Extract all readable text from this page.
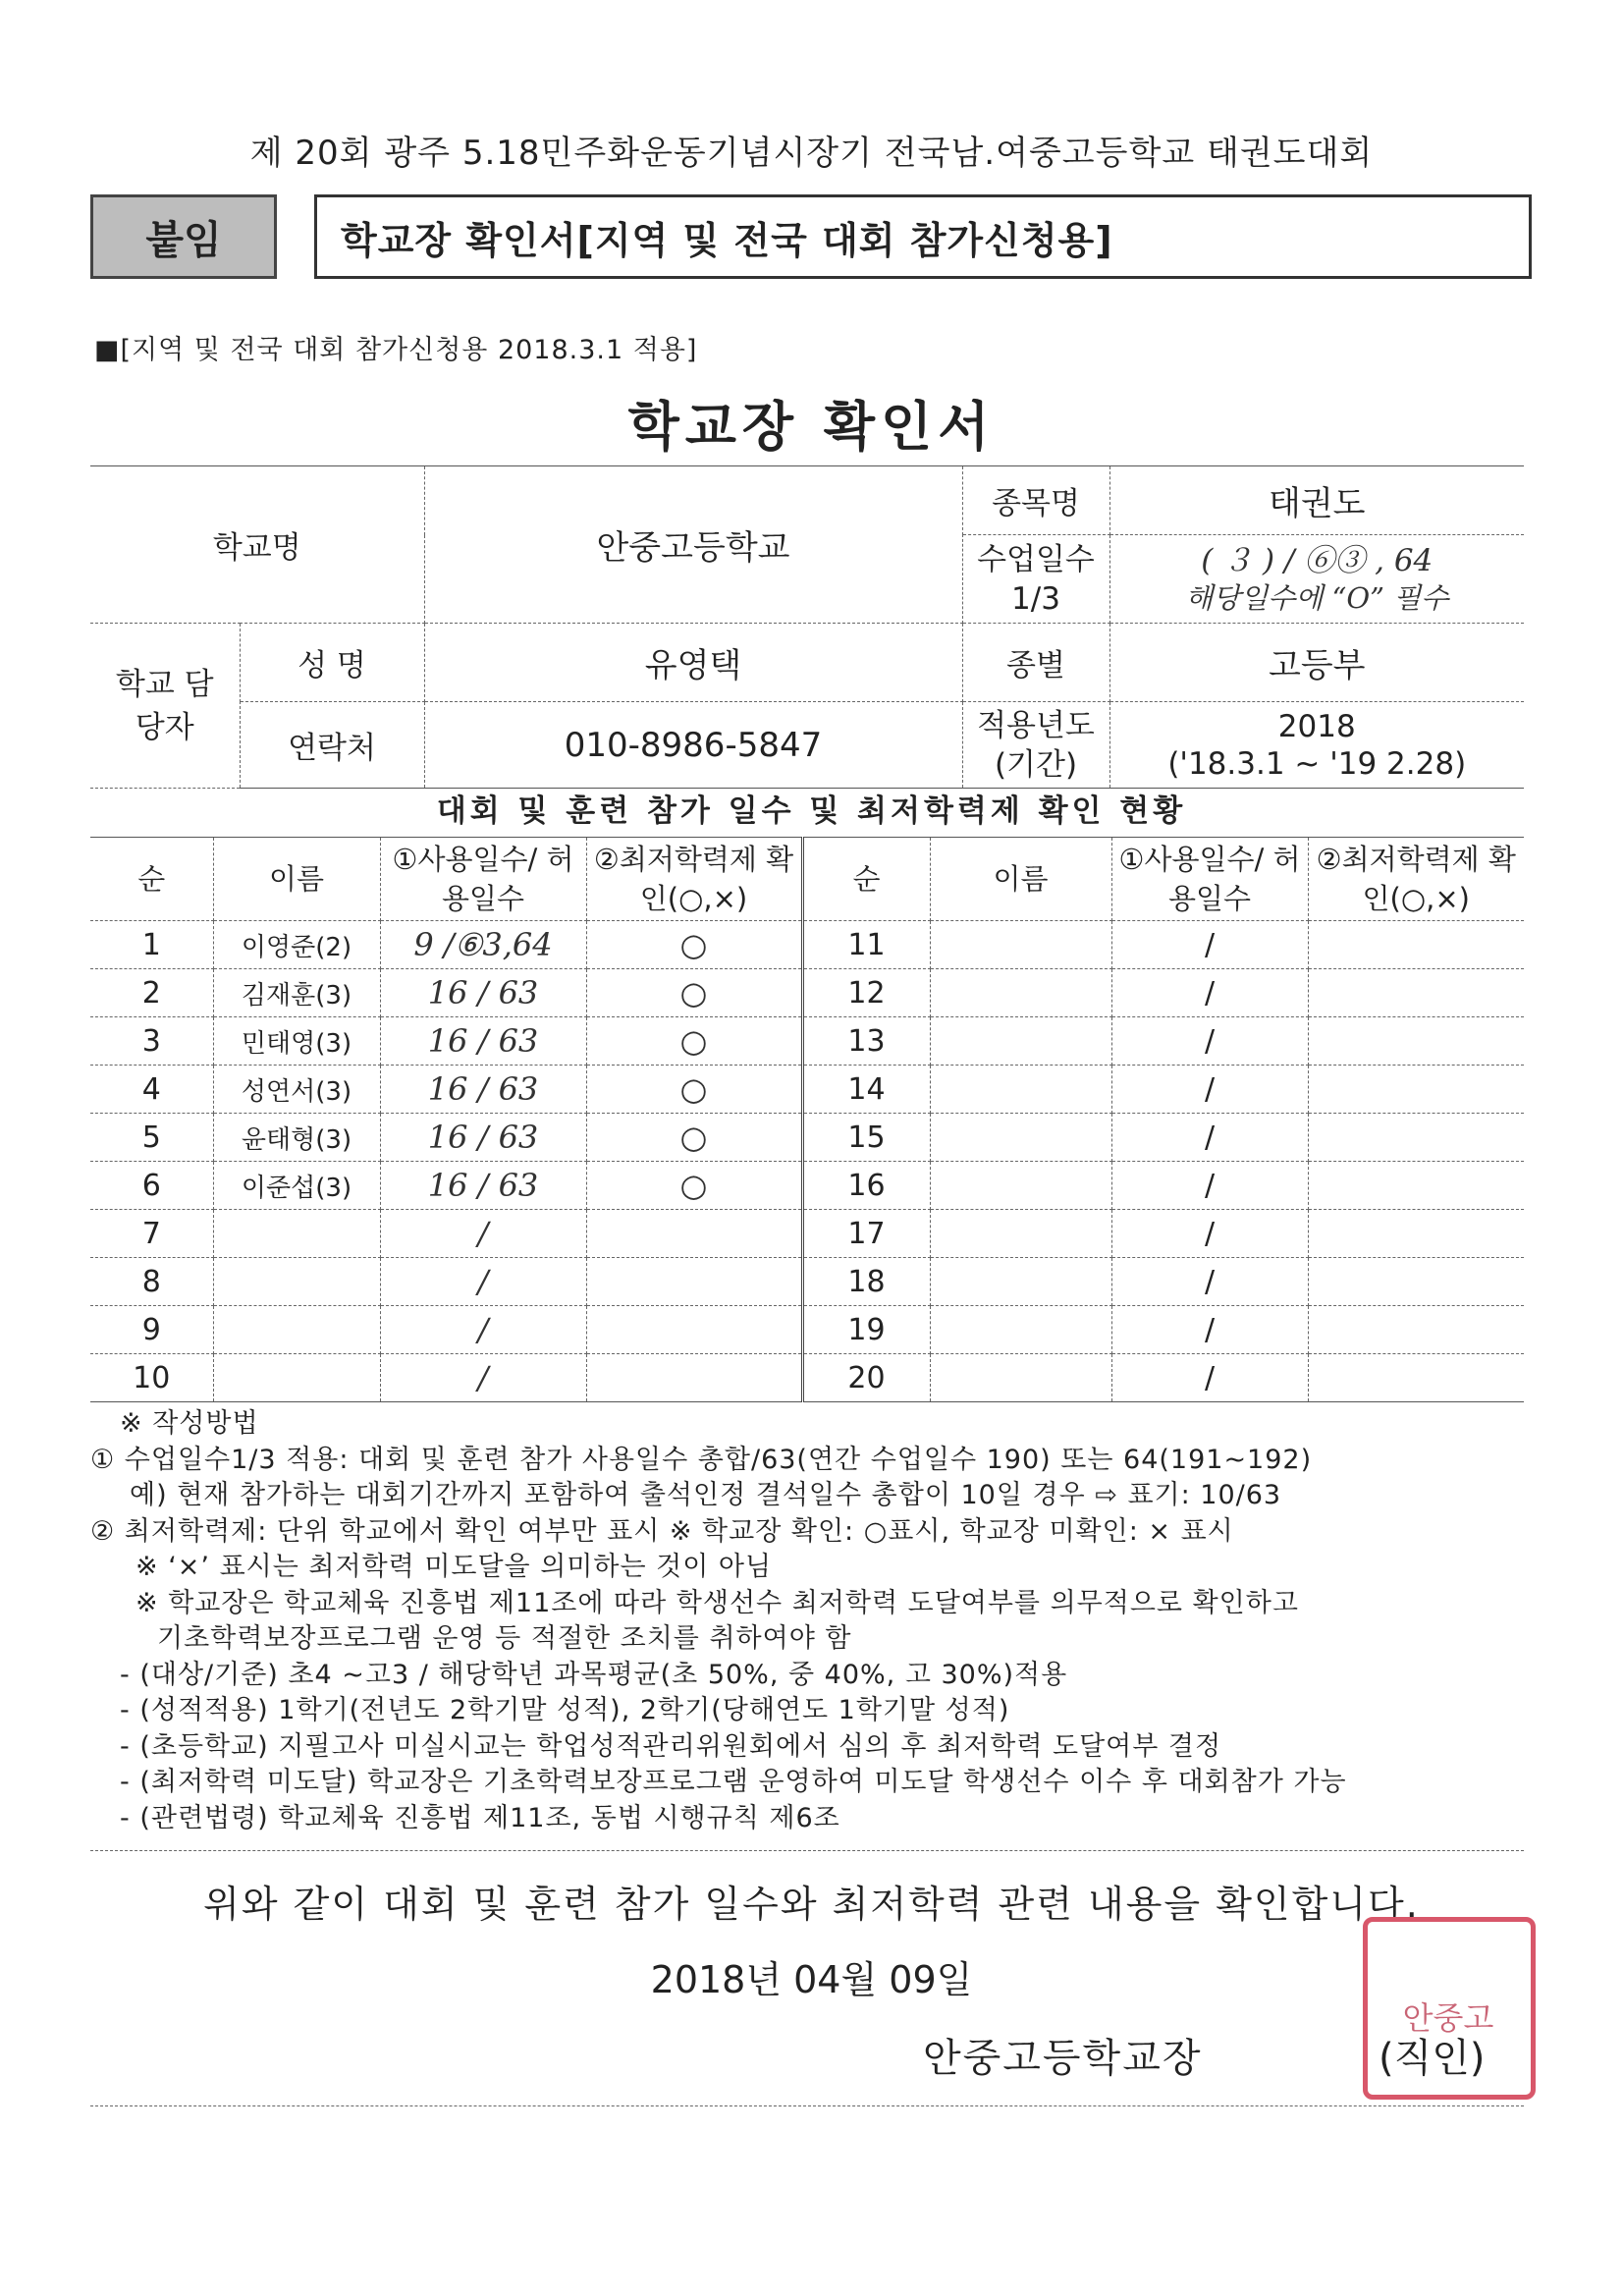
제 20회 광주 5.18민주화운동기념시장기 전국남.여중고등학교 태권도대회
붙임	학교장 확인서[지역 및 전국 대회 참가신청용]
■[지역 및 전국 대회 참가신청용 2018.3.1 적용]
학교장 확인서
학교명		안중고등학교	종목명	태권도
			수업일수 1/3	( ３ ) / ⑥③ , 64
해당일수에 “O” 필수

학교 담당자	성 명	유영택	종별	고등부
	연락처	010-8986-5847	적용년도 (기간)	2018
('18.3.1 ~ '19 2.28)
대회 및 훈련 참가 일수 및 최저학력제 확인 현황
순	이름	①사용일수/ 허용일수	②최저학력제 확인(○,×)	순	이름	①사용일수/ 허용일수	②최저학력제 확인(○,×)
1	이영준(2)	9 /⑥3,64	○	11		/	
2	김재훈(3)	16 / 63	○	12		/	
3	민태영(3)	16 / 63	○	13		/	
4	성연서(3)	16 / 63	○	14		/	
5	윤태형(3)	16 / 63	○	15		/	
6	이준섭(3)	16 / 63	○	16		/	
7		/		17		/	
8		/		18		/	
9		/		19		/	
10		/		20		/	
※ 작성방법
① 수업일수1/3 적용: 대회 및 훈련 참가 사용일수 총합/63(연간 수업일수 190) 또는 64(191~192)
예) 현재 참가하는 대회기간까지 포함하여 출석인정 결석일수 총합이 10일 경우 ⇨ 표기: 10/63
② 최저학력제: 단위 학교에서 확인 여부만 표시 ※ 학교장 확인: ○표시, 학교장 미확인: × 표시
※ ‘×’ 표시는 최저학력 미도달을 의미하는 것이 아님
※ 학교장은 학교체육 진흥법 제11조에 따라 학생선수 최저학력 도달여부를 의무적으로 확인하고
기초학력보장프로그램 운영 등 적절한 조치를 취하여야 함
- (대상/기준) 초4 ~고3 / 해당학년 과목평균(초 50%, 중 40%, 고 30%)적용
- (성적적용) 1학기(전년도 2학기말 성적), 2학기(당해연도 1학기말 성적)
- (초등학교) 지필고사 미실시교는 학업성적관리위원회에서 심의 후 최저학력 도달여부 결정
- (최저학력 미도달) 학교장은 기초학력보장프로그램 운영하여 미도달 학생선수 이수 후 대회참가 가능
- (관련법령) 학교체육 진흥법 제11조, 동법 시행규칙 제6조
위와 같이 대회 및 훈련 참가 일수와 최저학력 관련 내용을 확인합니다.
2018년 04월 09일
안중고등학교장
안중고
(직인)
